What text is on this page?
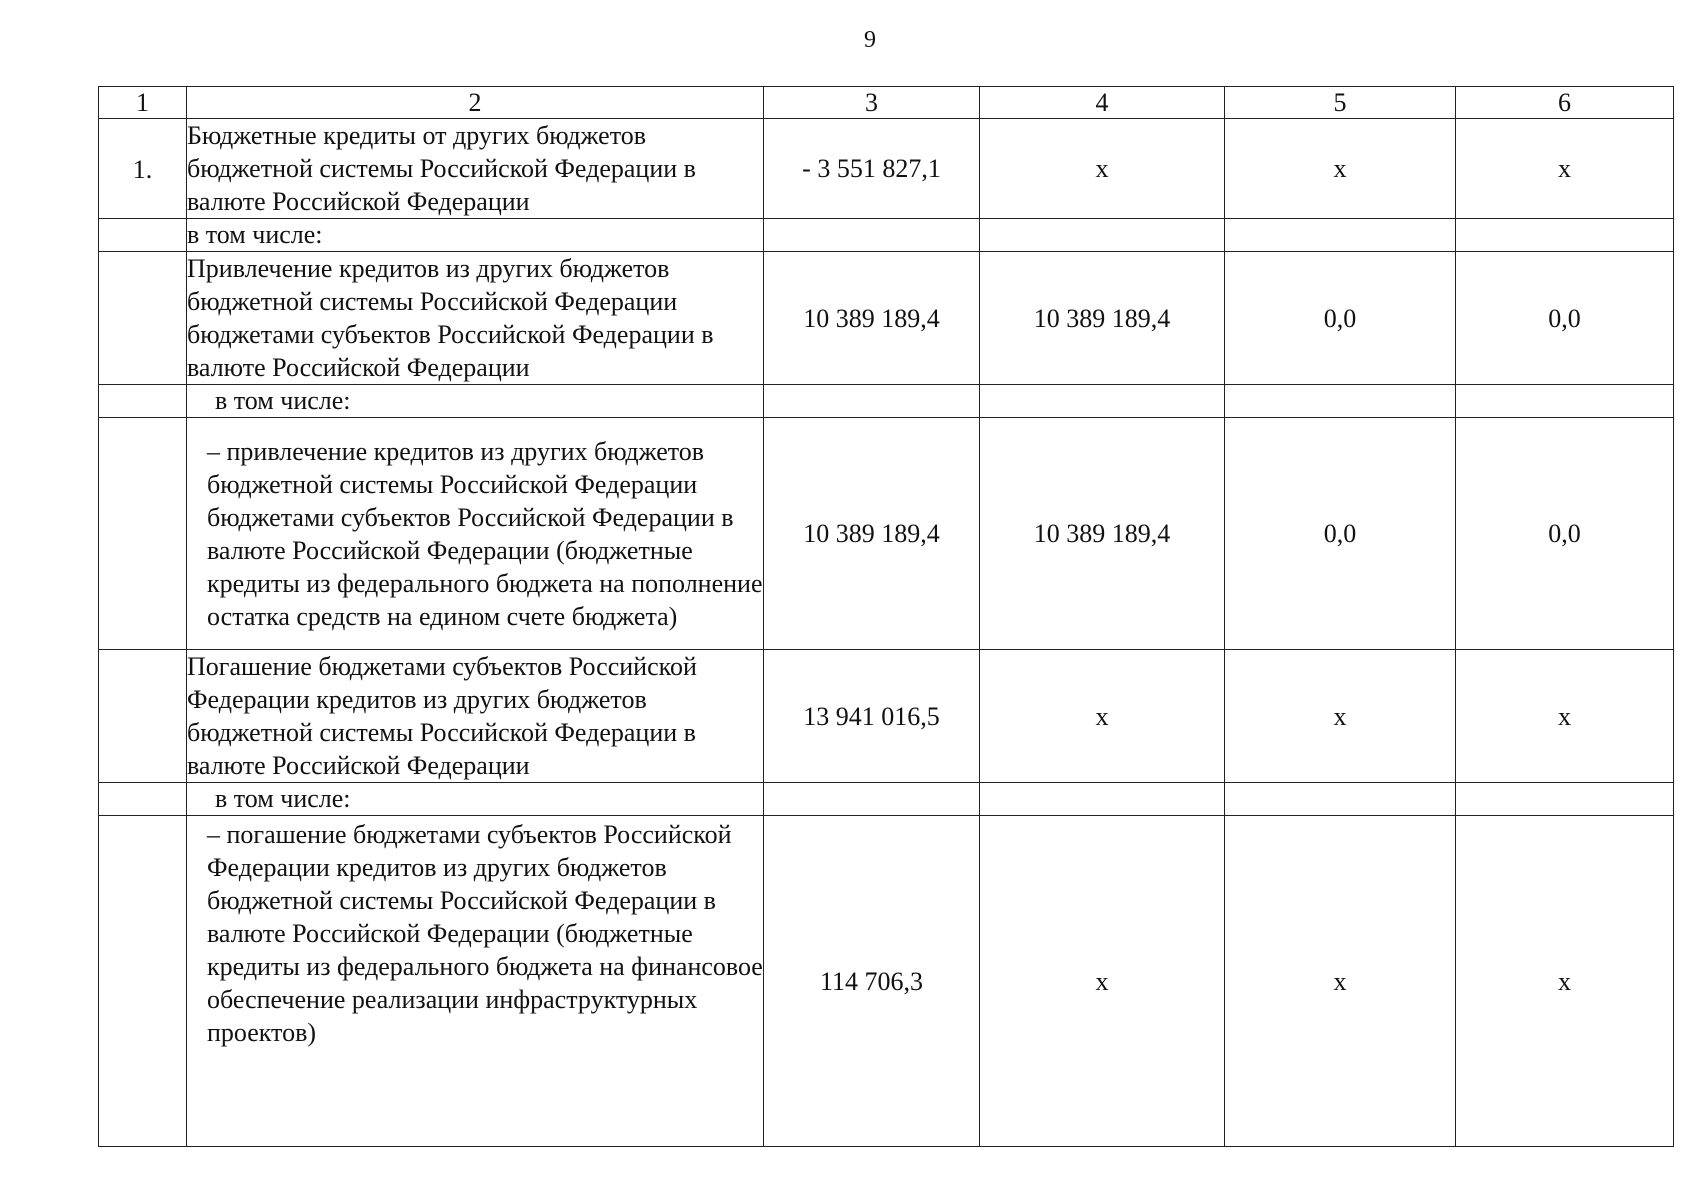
9
1	2	3	4	5	6
1.	Бюджетные кредиты от других бюджетов бюджетной системы Российской Федерации в валюте Российской Федерации	- 3 551 827,1	х	х	х
	в том числе:				
	Привлечение кредитов из других бюджетов бюджетной системы Российской Федерации бюджетами субъектов Российской Федерации в валюте Российской Федерации	10 389 189,4	10 389 189,4	0,0	0,0
	в том числе:				
	– привлечение кредитов из других бюджетов бюджетной системы Российской Федерации бюджетами субъектов Российской Федерации в валюте Российской Федерации (бюджетные кредиты из федерального бюджета на пополнение остатка средств на едином счете бюджета)	10 389 189,4	10 389 189,4	0,0	0,0
	Погашение бюджетами субъектов Российской Федерации кредитов из других бюджетов бюджетной системы Российской Федерации в валюте Российской Федерации	13 941 016,5	х	х	х
	в том числе:				
	– погашение бюджетами субъектов Российской Федерации кредитов из других бюджетов бюджетной системы Российской Федерации в валюте Российской Федерации (бюджетные кредиты из федерального бюджета на финансовое обеспечение реализации инфраструктурных проектов)	114 706,3	х	х	х
